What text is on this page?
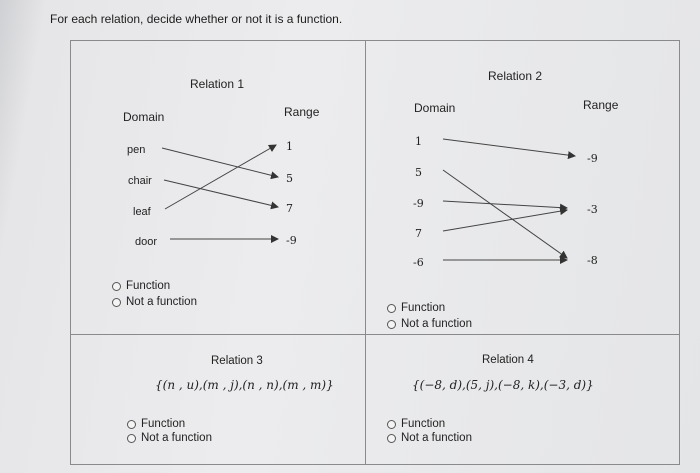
For each relation, decide whether or not it is a function.
Relation 1
Domain	Range
pen
chair
leaf
door
1
5
7
-9
Function
Not a function
Relation 2
Domain	Range
1
5
-9
7
-6
-9
-3
-8
Function
Not a function
Relation 3
{(n , u),(m , j),(n , n),(m , m)}
Function
Not a function
Relation 4
{(−8, d),(5, j),(−8, k),(−3, d)}
Function
Not a function
